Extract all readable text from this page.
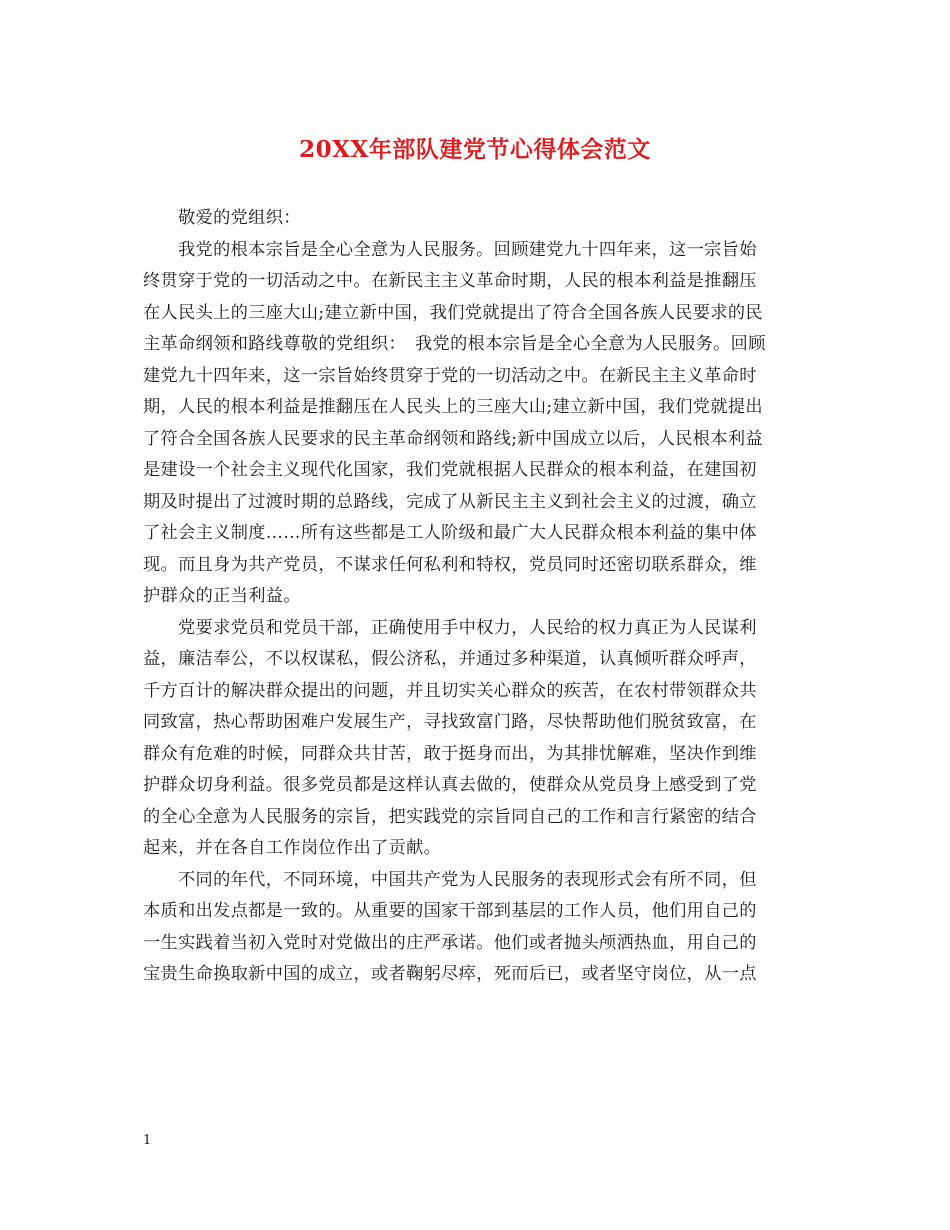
20XX年部队建党节心得体会范文
敬爱的党组织：
我党的根本宗旨是全心全意为人民服务。回顾建党九十四年来，这一宗旨始
终贯穿于党的一切活动之中。在新民主主义革命时期，人民的根本利益是推翻压
在人民头上的三座大山;建立新中国，我们党就提出了符合全国各族人民要求的民
主革命纲领和路线尊敬的党组织：　我党的根本宗旨是全心全意为人民服务。回顾
建党九十四年来，这一宗旨始终贯穿于党的一切活动之中。在新民主主义革命时
期，人民的根本利益是推翻压在人民头上的三座大山;建立新中国，我们党就提出
了符合全国各族人民要求的民主革命纲领和路线;新中国成立以后，人民根本利益
是建设一个社会主义现代化国家，我们党就根据人民群众的根本利益，在建国初
期及时提出了过渡时期的总路线，完成了从新民主主义到社会主义的过渡，确立
了社会主义制度……所有这些都是工人阶级和最广大人民群众根本利益的集中体
现。而且身为共产党员，不谋求任何私利和特权，党员同时还密切联系群众，维
护群众的正当利益。
党要求党员和党员干部，正确使用手中权力，人民给的权力真正为人民谋利
益，廉洁奉公，不以权谋私，假公济私，并通过多种渠道，认真倾听群众呼声，
千方百计的解决群众提出的问题，并且切实关心群众的疾苦，在农村带领群众共
同致富，热心帮助困难户发展生产，寻找致富门路，尽快帮助他们脱贫致富，在
群众有危难的时候，同群众共甘苦，敢于挺身而出，为其排忧解难，坚决作到维
护群众切身利益。很多党员都是这样认真去做的，使群众从党员身上感受到了党
的全心全意为人民服务的宗旨，把实践党的宗旨同自己的工作和言行紧密的结合
起来，并在各自工作岗位作出了贡献。
不同的年代，不同环境，中国共产党为人民服务的表现形式会有所不同，但
本质和出发点都是一致的。从重要的国家干部到基层的工作人员，他们用自己的
一生实践着当初入党时对党做出的庄严承诺。他们或者抛头颅洒热血，用自己的
宝贵生命换取新中国的成立，或者鞠躬尽瘁，死而后已，或者坚守岗位，从一点
1
